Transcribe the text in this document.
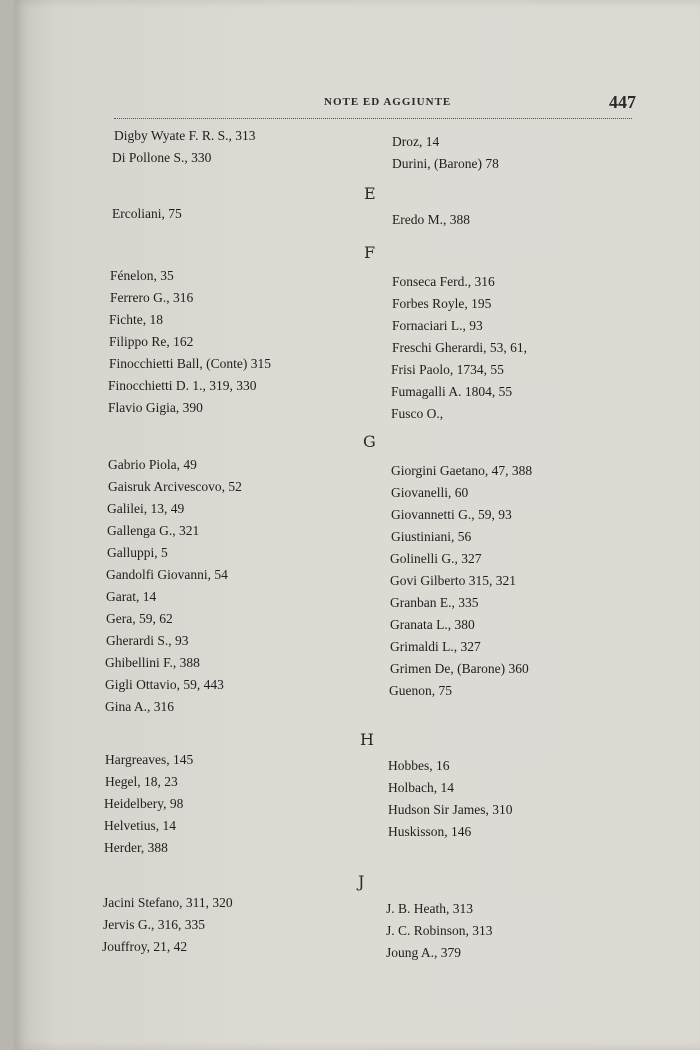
NOTE ED AGGIUNTE	447
Digby Wyate F. R. S., 313
Di Pollone S., 330
Droz, 14
Durini, (Barone) 78
E
Ercoliani, 75	Eredo M., 388
F
Fénelon, 35
Ferrero G., 316
Fichte, 18
Filippo Re, 162
Finocchietti Ball, (Conte) 315
Finocchietti D. 1., 319, 330
Flavio Gigia, 390
Fonseca Ferd., 316
Forbes Royle, 195
Fornaciari L., 93
Freschi Gherardi, 53, 61,
Frisi Paolo, 1734, 55
Fumagalli A. 1804, 55
Fusco O.,
G
Gabrio Piola, 49
Gaisruk Arcivescovo, 52
Galilei, 13, 49
Gallenga G., 321
Galluppi, 5
Gandolfi Giovanni, 54
Garat, 14
Gera, 59, 62
Gherardi S., 93
Ghibellini F., 388
Gigli Ottavio, 59, 443
Gina A., 316
Giorgini Gaetano, 47, 388
Giovanelli, 60
Giovannetti G., 59, 93
Giustiniani, 56
Golinelli G., 327
Govi Gilberto 315, 321
Granban E., 335
Granata L., 380
Grimaldi L., 327
Grimen De, (Barone) 360
Guenon, 75
H
Hargreaves, 145
Hegel, 18, 23
Heidelbery, 98
Helvetius, 14
Herder, 388
Hobbes, 16
Holbach, 14
Hudson Sir James, 310
Huskisson, 146
J
Jacini Stefano, 311, 320
Jervis G., 316, 335
Jouffroy, 21, 42
J. B. Heath, 313
J. C. Robinson, 313
Joung A., 379
